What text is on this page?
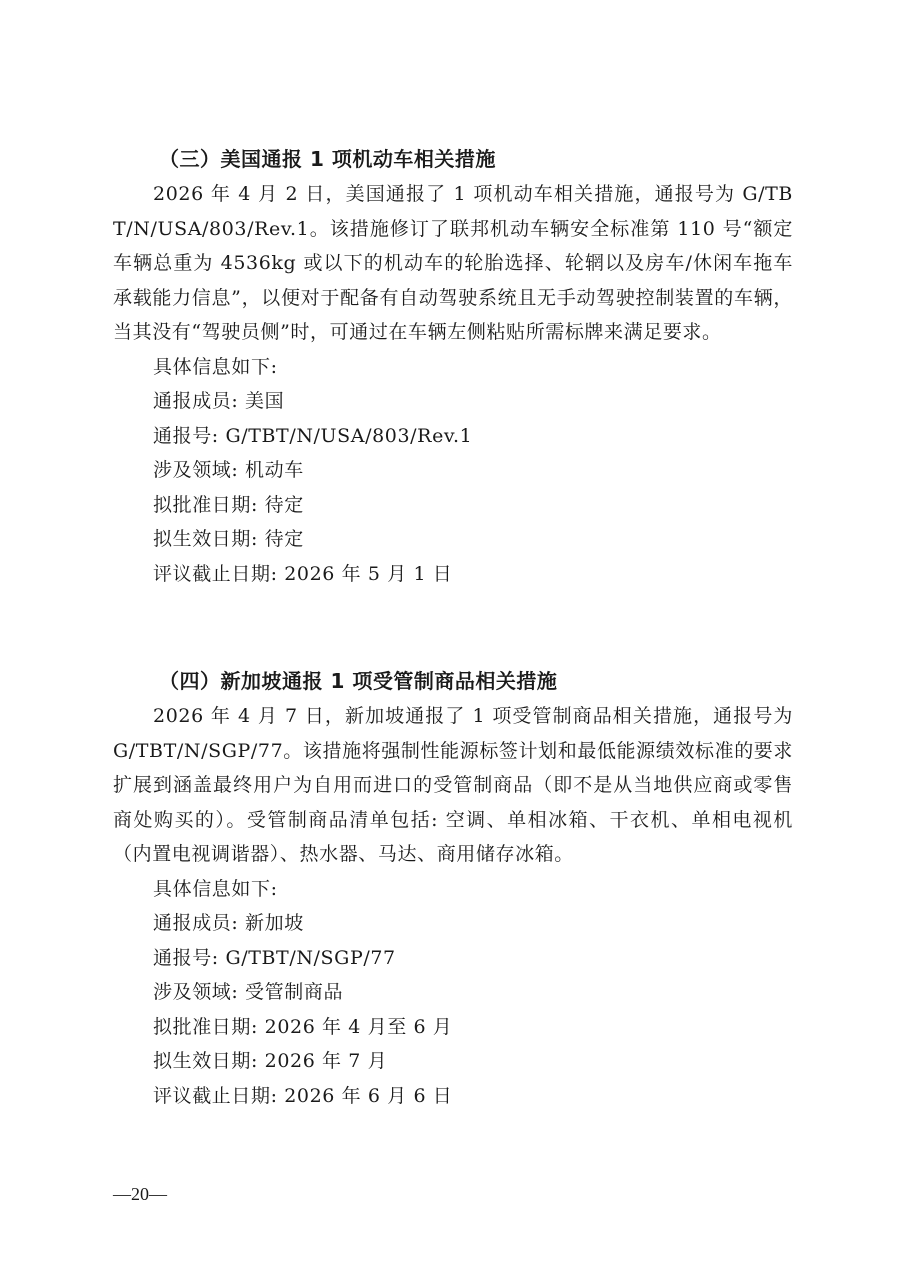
（三）美国通报 1 项机动车相关措施

2026 年 4 月 2 日，美国通报了 1 项机动车相关措施，通报号为 G/TBT/N/USA/803/Rev.1。该措施修订了联邦机动车辆安全标准第 110 号“额定车辆总重为 4536kg 或以下的机动车的轮胎选择、轮辋以及房车/休闲车拖车承载能力信息”，以便对于配备有自动驾驶系统且无手动驾驶控制装置的车辆，当其没有“驾驶员侧”时，可通过在车辆左侧粘贴所需标牌来满足要求。

具体信息如下:
通报成员: 美国
通报号: G/TBT/N/USA/803/Rev.1
涉及领域: 机动车
拟批准日期: 待定
拟生效日期: 待定
评议截止日期: 2026 年 5 月 1 日
（四）新加坡通报 1 项受管制商品相关措施

2026 年 4 月 7 日，新加坡通报了 1 项受管制商品相关措施，通报号为 G/TBT/N/SGP/77。该措施将强制性能源标签计划和最低能源绩效标准的要求扩展到涵盖最终用户为自用而进口的受管制商品（即不是从当地供应商或零售商处购买的）。受管制商品清单包括: 空调、单相冰箱、干衣机、单相电视机（内置电视调谐器）、热水器、马达、商用储存冰箱。

具体信息如下:
通报成员: 新加坡
通报号: G/TBT/N/SGP/77
涉及领域: 受管制商品
拟批准日期: 2026 年 4 月至 6 月
拟生效日期: 2026 年 7 月
评议截止日期: 2026 年 6 月 6 日
—20—
